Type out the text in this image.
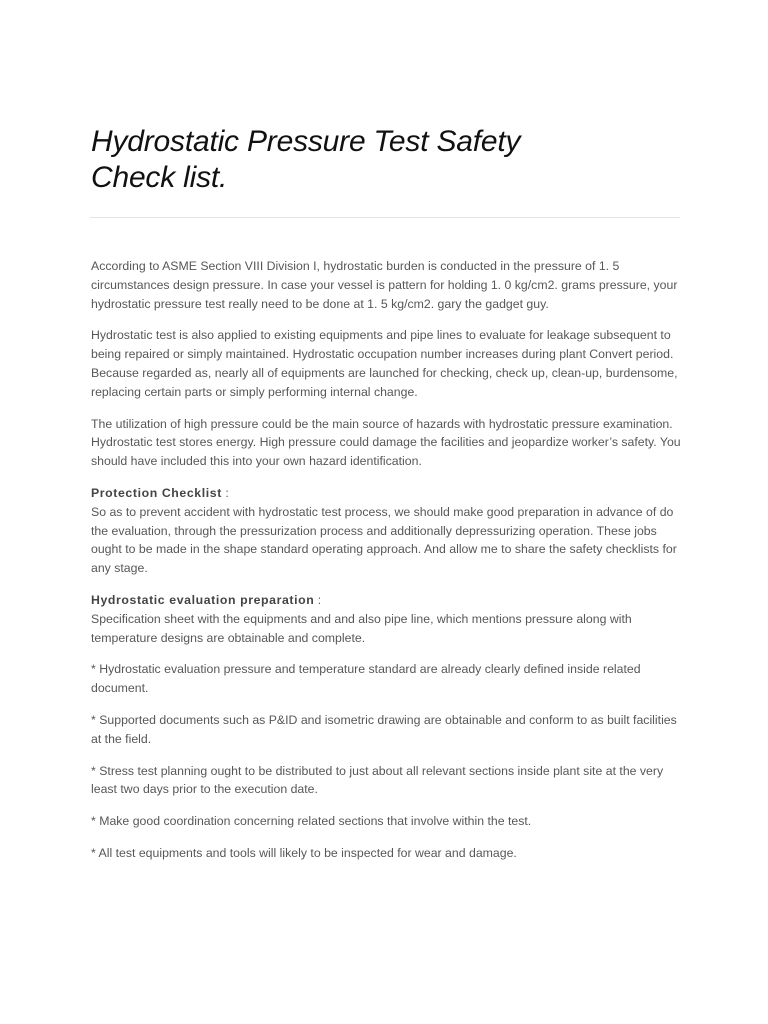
Hydrostatic Pressure Test Safety
Check list.

According to ASME Section VIII Division I, hydrostatic burden is conducted in the pressure of 1. 5 circumstances design pressure. In case your vessel is pattern for holding 1. 0 kg/cm2. grams pressure, your hydrostatic pressure test really need to be done at 1. 5 kg/cm2. gary the gadget guy.

Hydrostatic test is also applied to existing equipments and pipe lines to evaluate for leakage subsequent to being repaired or simply maintained. Hydrostatic occupation number increases during plant Convert period. Because regarded as, nearly all of equipments are launched for checking, check up, clean-up, burdensome, replacing certain parts or simply performing internal change.

The utilization of high pressure could be the main source of hazards with hydrostatic pressure examination. Hydrostatic test stores energy. High pressure could damage the facilities and jeopardize worker’s safety. You should have included this into your own hazard identification.

Protection Checklist :
So as to prevent accident with hydrostatic test process, we should make good preparation in advance of do the evaluation, through the pressurization process and additionally depressurizing operation. These jobs ought to be made in the shape standard operating approach. And allow me to share the safety checklists for any stage.

Hydrostatic evaluation preparation :
Specification sheet with the equipments and and also pipe line, which mentions pressure along with temperature designs are obtainable and complete.

* Hydrostatic evaluation pressure and temperature standard are already clearly defined inside related document.

* Supported documents such as P&ID and isometric drawing are obtainable and conform to as built facilities at the field.

* Stress test planning ought to be distributed to just about all relevant sections inside plant site at the very least two days prior to the execution date.

* Make good coordination concerning related sections that involve within the test.

* All test equipments and tools will likely to be inspected for wear and damage.
